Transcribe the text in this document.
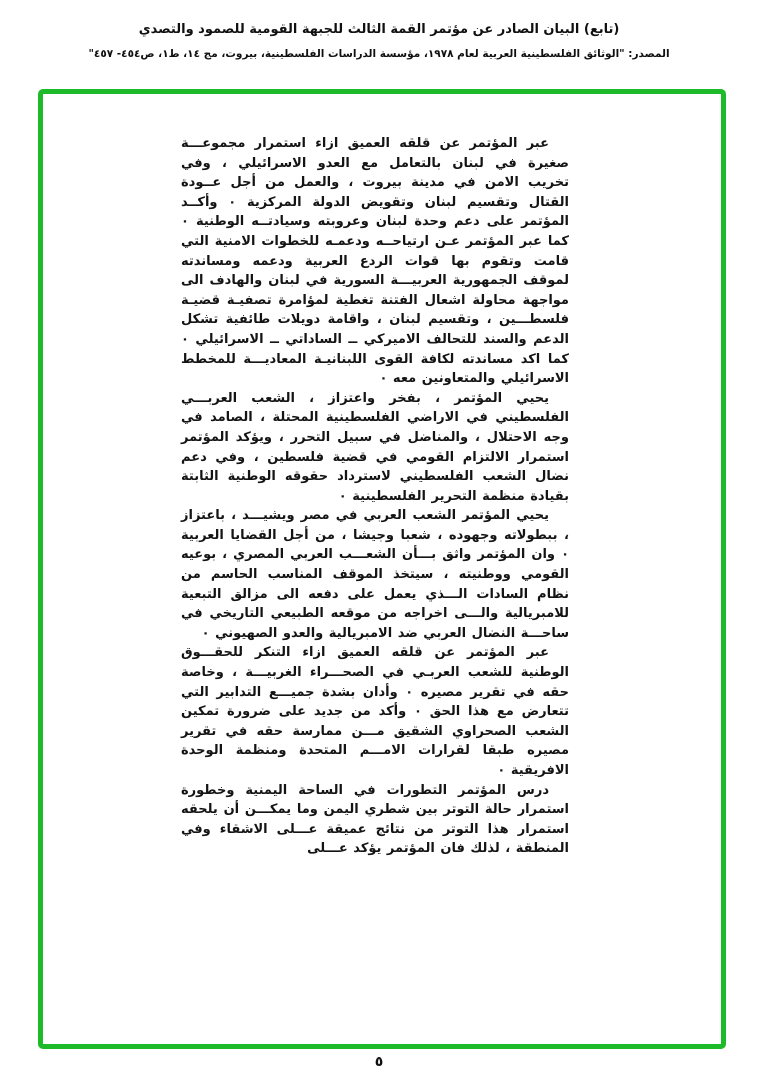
(تابع) البيان الصادر عن مؤتمر القمة الثالث للجبهة القومية للصمود والتصدي
المصدر: "الوثائق الفلسطينية العربية لعام ١٩٧٨، مؤسسة الدراسات الفلسطينية، بيروت، مج ١٤، ط١، ص٤٥٤- ٤٥٧"

عبر المؤتمر عن قلقه العميق ازاء استمرار مجموعـــة صغيرة في لبنان بالتعامل مع العدو الاسرائيلي ، وفي تخريب الامن في مدينة بيروت ، والعمل من أجل عــودة القتال وتقسيم لبنان وتقويض الدولة المركزية ٠ وأكــد المؤتمر على دعم وحدة لبنان وعروبته وسيادتــه الوطنية ٠ كما عبر المؤتمر عـن ارتياحــه ودعمـه للخطوات الامنية التي قامت وتقوم بها قوات الردع العربية ودعمه ومساندته لموقف الجمهورية العربيـــة السورية في لبنان والهادف الى مواجهة محاولة اشعال الفتنة تغطية لمؤامرة تصفيـة قضيـة فلسطـــين ، وتقسيم لبنان ، واقامة دويلات طائفية تشكل الدعم والسند للتحالف الاميركي ــ الساداتي ــ الاسرائيلي ٠ كما اكد مساندته لكافة القوى اللبنانيـة المعاديـــة للمخطط الاسرائيلي والمتعاونين معه ٠

يحيي المؤتمر ، بفخر واعتزاز ، الشعب العربـــي الفلسطيني في الاراضي الفلسطينية المحتلة ، الصامد في وجه الاحتلال ، والمناضل في سبيل التحرر ، ويؤكد المؤتمر استمرار الالتزام القومي في قضية فلسطين ، وفي دعم نضال الشعب الفلسطيني لاسترداد حقوقه الوطنية الثابتة بقيادة منظمة التحرير الفلسطينية ٠

يحيي المؤتمر الشعب العربي في مصر ويشيـــد ، باعتزاز ، ببطولاته وجهوده ، شعبا وجيشا ، من أجل القضايا العربية ٠ وان المؤتمر واثق بـــأن الشعـــب العربي المصري ، بوعيه القومي ووطنيته ، سيتخذ الموقف المناسب الحاسم من نظام السادات الـــذي يعمل على دفعه الى مزالق التبعية للامبريالية والـــى اخراجه من موقعه الطبيعي التاريخي في ساحـــة النضال العربي ضد الامبريالية والعدو الصهيوني ٠

عبر المؤتمر عن قلقه العميق ازاء التنكر للحقـــوق الوطنية للشعب العربـي في الصحـــراء الغربيـــة ، وخاصة حقه في تقرير مصيره ٠ وأدان بشدة جميـــع التدابير التي تتعارض مع هذا الحق ٠ وأكد من جديد على ضرورة تمكين الشعب الصحراوي الشقيق مـــن ممارسة حقه في تقرير مصيره طبقا لقرارات الامـــم المتحدة ومنظمة الوحدة الافريقية ٠

درس المؤتمر التطورات في الساحة اليمنية وخطورة استمرار حالة التوتر بين شطري اليمن وما يمكـــن أن يلحقه استمرار هذا التوتر من نتائج عميقة عـــلى الاشقاء وفي المنطقة ، لذلك فان المؤتمر يؤكد عـــلى

٥
